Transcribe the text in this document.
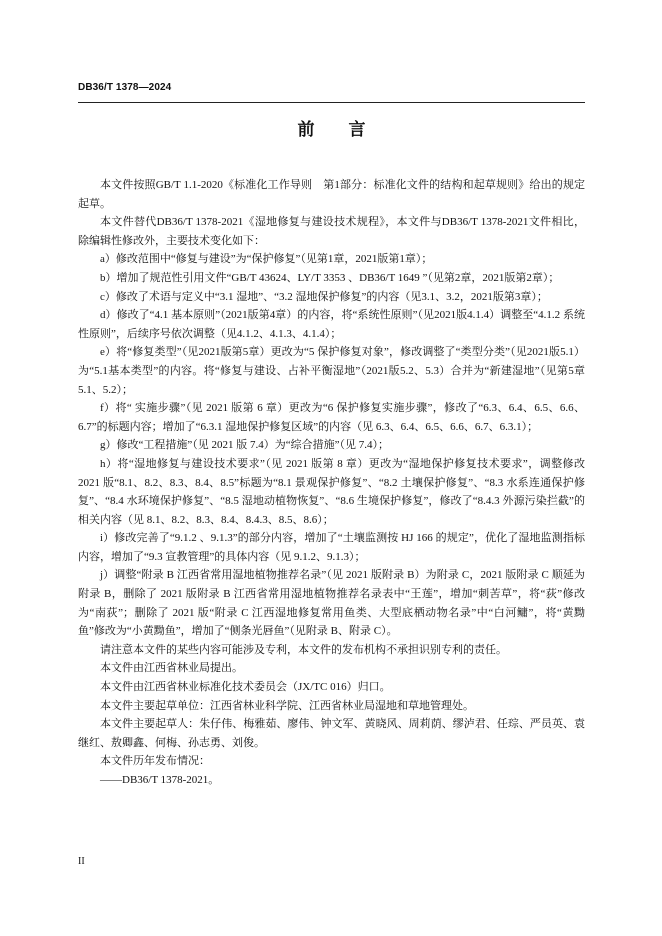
DB36/T 1378—2024
前　　言

本文件按照GB/T 1.1-2020《标准化工作导则　第1部分：标准化文件的结构和起草规则》给出的规定起草。

本文件替代DB36/T 1378-2021《湿地修复与建设技术规程》，本文件与DB36/T 1378-2021文件相比，除编辑性修改外，主要技术变化如下：

a）修改范围中“修复与建设”为“保护修复”（见第1章，2021版第1章）；

b）增加了规范性引用文件“GB/T 43624、LY/T 3353 、DB36/T 1649 ”（见第2章，2021版第2章）；

c）修改了术语与定义中“3.1 湿地”、“3.2 湿地保护修复”的内容（见3.1、3.2，2021版第3章）；

d）修改了“4.1 基本原则”（2021版第4章）的内容，将“系统性原则”（见2021版4.1.4）调整至“4.1.2 系统性原则”，后续序号依次调整（见4.1.2、4.1.3、4.1.4）；

e）将“修复类型”（见2021版第5章）更改为“5 保护修复对象”，修改调整了“类型分类”（见2021版5.1）为“5.1基本类型”的内容。将“修复与建设、占补平衡湿地”（2021版5.2、5.3）合并为“新建湿地”（见第5章5.1、5.2）；

f）将“ 实施步骤”（见 2021 版第 6 章）更改为“6 保护修复实施步骤”，修改了“6.3、6.4、6.5、6.6、6.7”的标题内容；增加了“6.3.1 湿地保护修复区域”的内容（见 6.3、6.4、6.5、6.6、6.7、6.3.1）；

g）修改“工程措施”（见 2021 版 7.4）为“综合措施”（见 7.4）；

h）将“湿地修复与建设技术要求”（见 2021 版第 8 章）更改为“湿地保护修复技术要求”，调整修改 2021 版“8.1、8.2、8.3、8.4、8.5”标题为“8.1 景观保护修复”、“8.2 土壤保护修复”、“8.3 水系连通保护修复”、“8.4 水环境保护修复”、“8.5 湿地动植物恢复”、“8.6 生境保护修复”，修改了“8.4.3 外源污染拦截”的相关内容（见 8.1、8.2、8.3、8.4、8.4.3、8.5、8.6）；

i）修改完善了“9.1.2 、9.1.3”的部分内容，增加了“土壤监测按 HJ 166 的规定”，优化了湿地监测指标内容，增加了“9.3 宣教管理”的具体内容（见 9.1.2、9.1.3）；

j）调整“附录 B 江西省常用湿地植物推荐名录”（见 2021 版附录 B）为附录 C，2021 版附录 C 顺延为附录 B，删除了 2021 版附录 B 江西省常用湿地植物推荐名录表中“王莲”，增加“刺苦草”，将“荻”修改为“南荻”；删除了 2021 版“附录 C 江西湿地修复常用鱼类、大型底栖动物名录”中“白河鳙”，将“黄黝鱼”修改为“小黄黝鱼”，增加了“侧条光唇鱼”（见附录 B、附录 C）。

请注意本文件的某些内容可能涉及专利，本文件的发布机构不承担识别专利的责任。

本文件由江西省林业局提出。

本文件由江西省林业标准化技术委员会（JX/TC 016）归口。

本文件主要起草单位：江西省林业科学院、江西省林业局湿地和草地管理处。

本文件主要起草人：朱仔伟、梅雅茹、廖伟、钟文军、黄晓风、周莉荫、缪泸君、任琮、严员英、袁继红、敖卿鑫、何梅、孙志勇、刘俊。

本文件历年发布情况：

——DB36/T 1378-2021。

II
